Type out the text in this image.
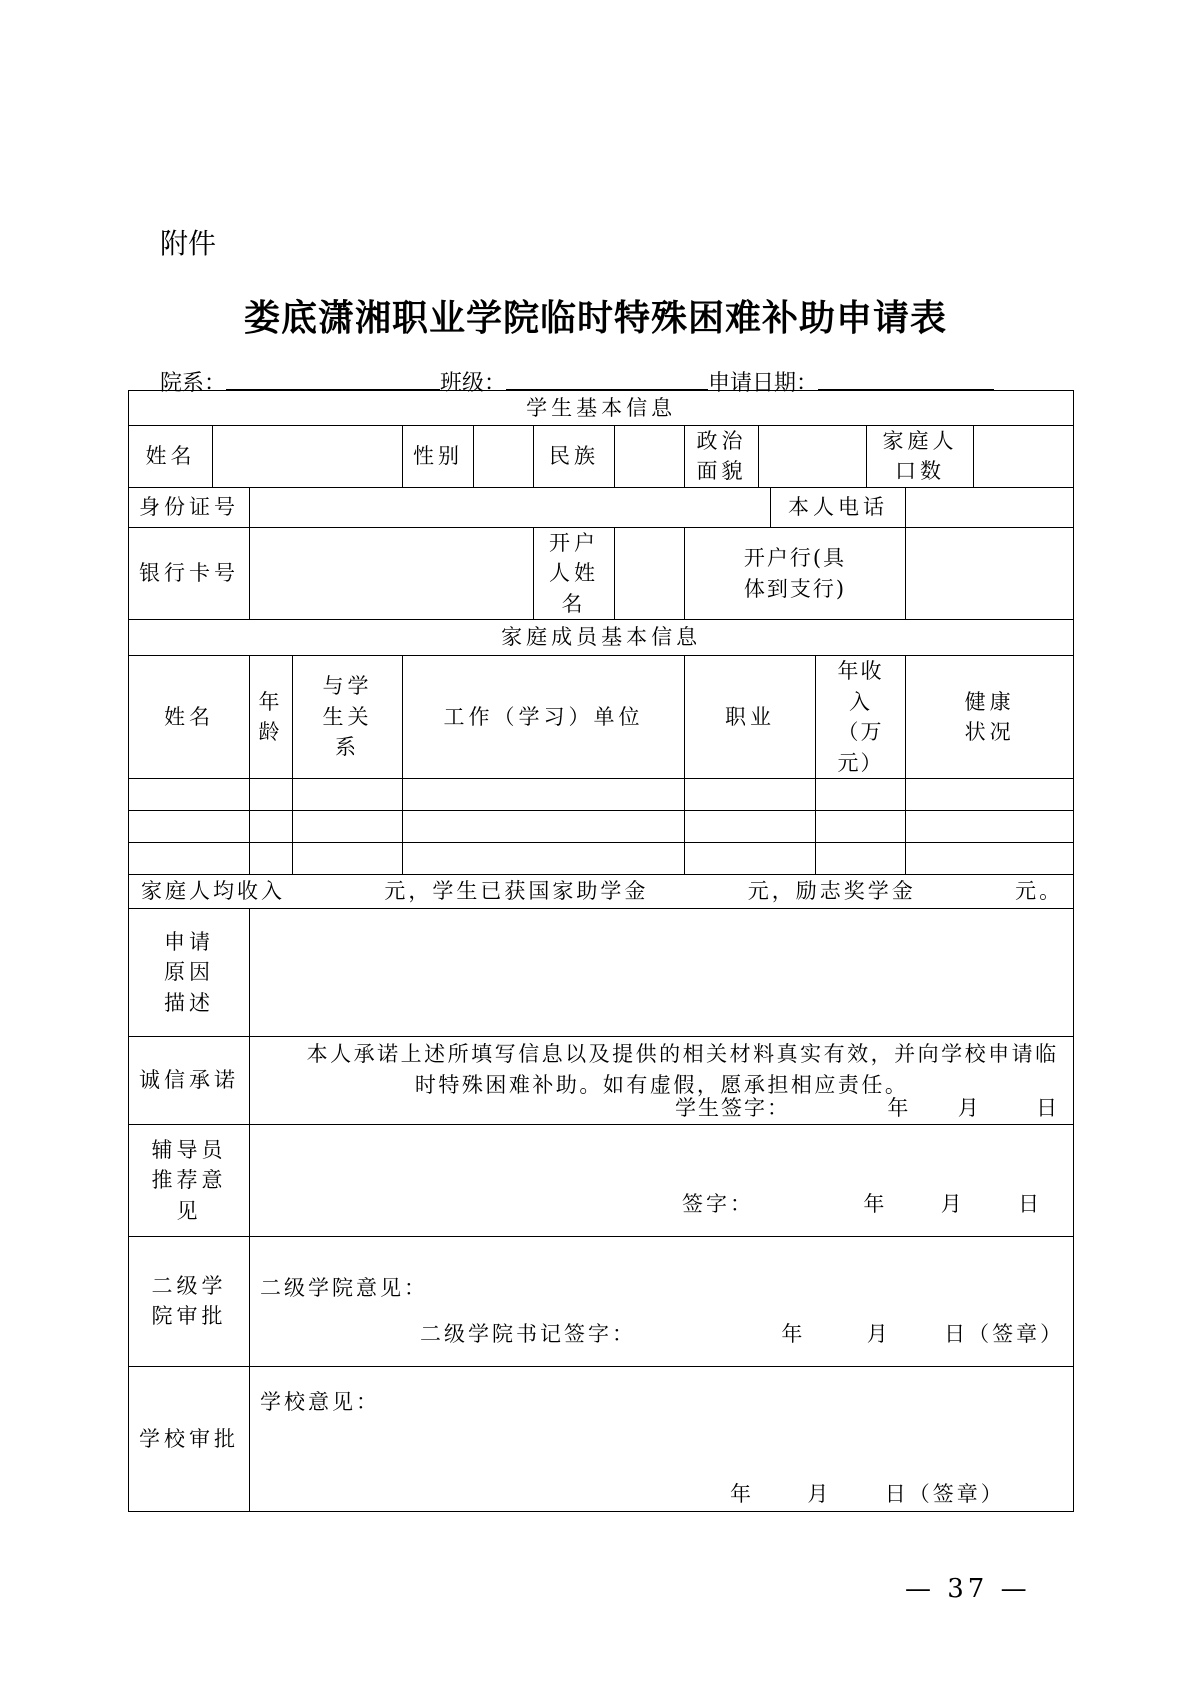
附件
娄底潇湘职业学院临时特殊困难补助申请表
院系：	班级：	申请日期：
学生基本信息														
姓名				性别		民族		政治面貌				家庭人口数		

身份证号										本人电话				
银行卡号						开户人姓名		开户行(具体到支行)						

家庭成员基本信息														
姓名		年龄	与学生关系	工作（学习）单位				职业			年收入（万元）		健康状况	

家庭人均收入 元，学生已获国家助学金 元，励志奖学金 元。														

申请原因描述														

诚信承诺		本人承诺上述所填写信息以及提供的相关材料真实有效，并向学校申请临时特殊困难补助。如有虚假，愿承担相应责任。
学生签字： 年 月 日												

辅导员推荐意见		签字： 年 月 日												

二级学院审批		二级学院意见：
二级学院书记签字： 年 月 日（签章）												

学校审批		学校意见：
年 月 日（签章）												
— 37 —
